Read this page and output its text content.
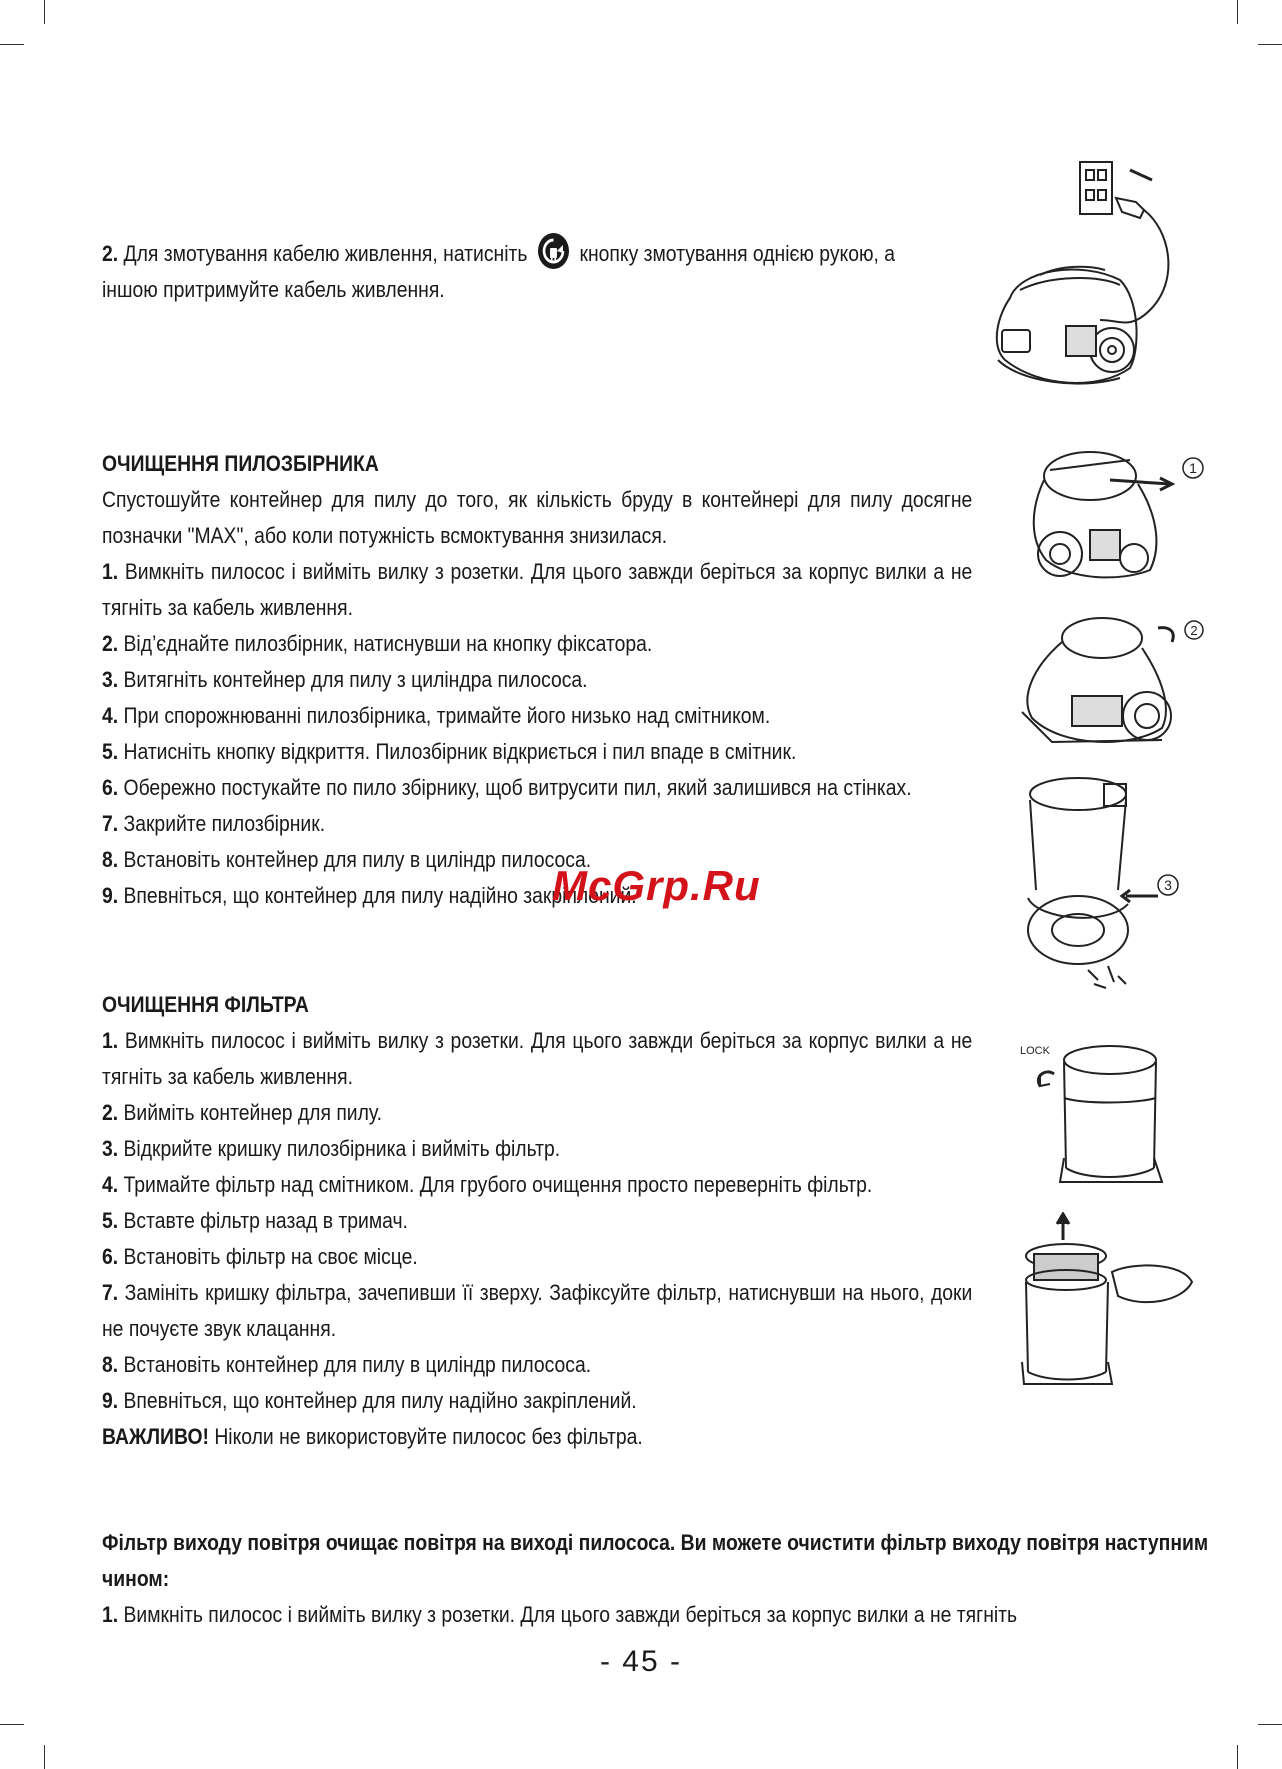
2. Для змотування кабелю живлення, натисніть  кнопку змотування однією рукою, а іншою притримуйте кабель живлення.

ОЧИЩЕННЯ ПИЛОЗБІРНИКА

Спустошуйте контейнер для пилу до того, як кількість бруду в контейнері для пилу досягне позначки "MAX", або коли потужність всмоктування знизилася.

1. Вимкніть пилосос і вийміть вилку з розетки. Для цього завжди беріться за корпус вилки а не тягніть за кабель живлення.

2. Від’єднайте пилозбірник, натиснувши на кнопку фіксатора.

3. Витягніть контейнер для пилу з циліндра пилососа.

4. При спорожнюванні пилозбірника, тримайте його низько над смітником.

5. Натисніть кнопку відкриття. Пилозбірник відкриється і пил впаде в смітник.

6. Обережно постукайте по пило збірнику, щоб витрусити пил, який залишився на стінках.

7. Закрийте пилозбірник.

8. Встановіть контейнер для пилу в циліндр пилососа.

9. Впевніться, що контейнер для пилу надійно закріплений.

ОЧИЩЕННЯ ФІЛЬТРА

1. Вимкніть пилосос і вийміть вилку з розетки. Для цього завжди беріться за корпус вилки а не тягніть за кабель живлення.

2. Вийміть контейнер для пилу.

3. Відкрийте кришку пилозбірника і вийміть фільтр.

4. Тримайте фільтр над смітником. Для грубого очищення просто переверніть фільтр.

5. Вставте фільтр назад в тримач.

6. Встановіть фільтр на своє місце.

7. Замініть кришку фільтра, зачепивши її зверху. Зафіксуйте фільтр, натиснувши на нього, доки не почуєте звук клацання.

8. Встановіть контейнер для пилу в циліндр пилососа.

9. Впевніться, що контейнер для пилу надійно закріплений.

ВАЖЛИВО! Ніколи не використовуйте пилосос без фільтра.

Фільтр виходу повітря очищає повітря на виході пилососа. Ви можете очистити фільтр виходу повітря наступним чином:

1. Вимкніть пилосос і вийміть вилку з розетки. Для цього завжди беріться за корпус вилки а не тягніть

1
2
3
LOCK
McGrp.Ru
- 45 -
